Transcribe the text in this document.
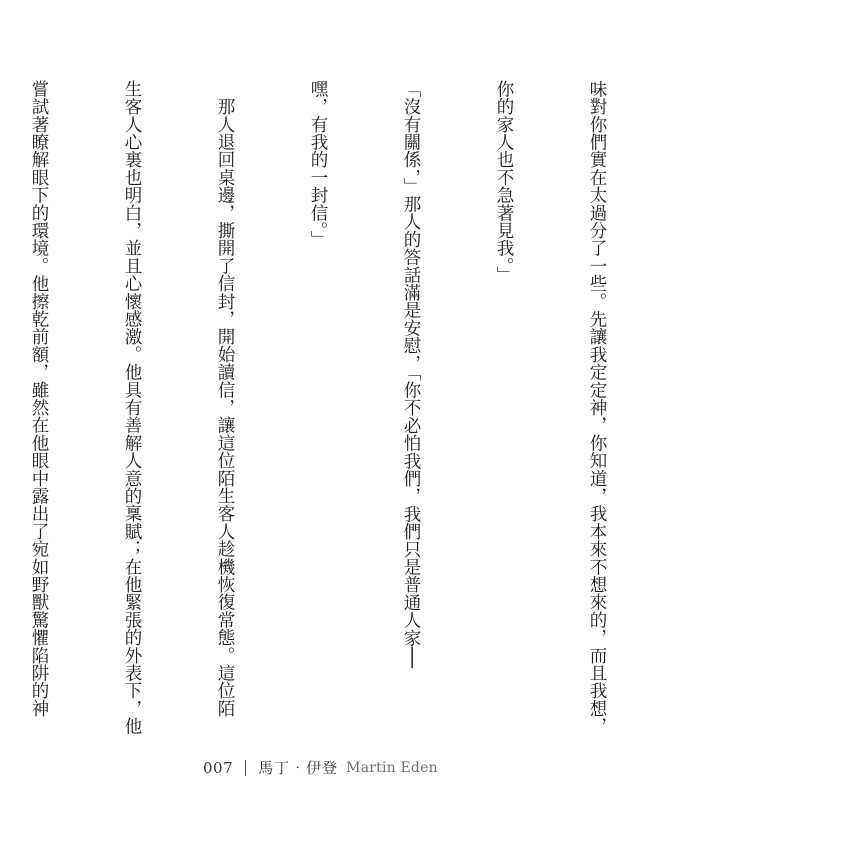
味對你們實在太過分了一些。先讓我定定神，你知道，我本來不想來的，而且我想，

你的家人也不急著見我。」

「沒有關係，」那人的答話滿是安慰，「你不必怕我們，我們只是普通人家──

嘿，有我的一封信。」

　那人退回桌邊，撕開了信封，開始讀信，讓這位陌生客人趁機恢復常態。這位陌

生客人心裏也明白，並且心懷感激。他具有善解人意的稟賦；在他緊張的外表下，他

嘗試著瞭解眼下的環境。他擦乾前額，雖然在他眼中露出了宛如野獸驚懼陷阱的神

007 馬丁‧伊登 Martin Eden
